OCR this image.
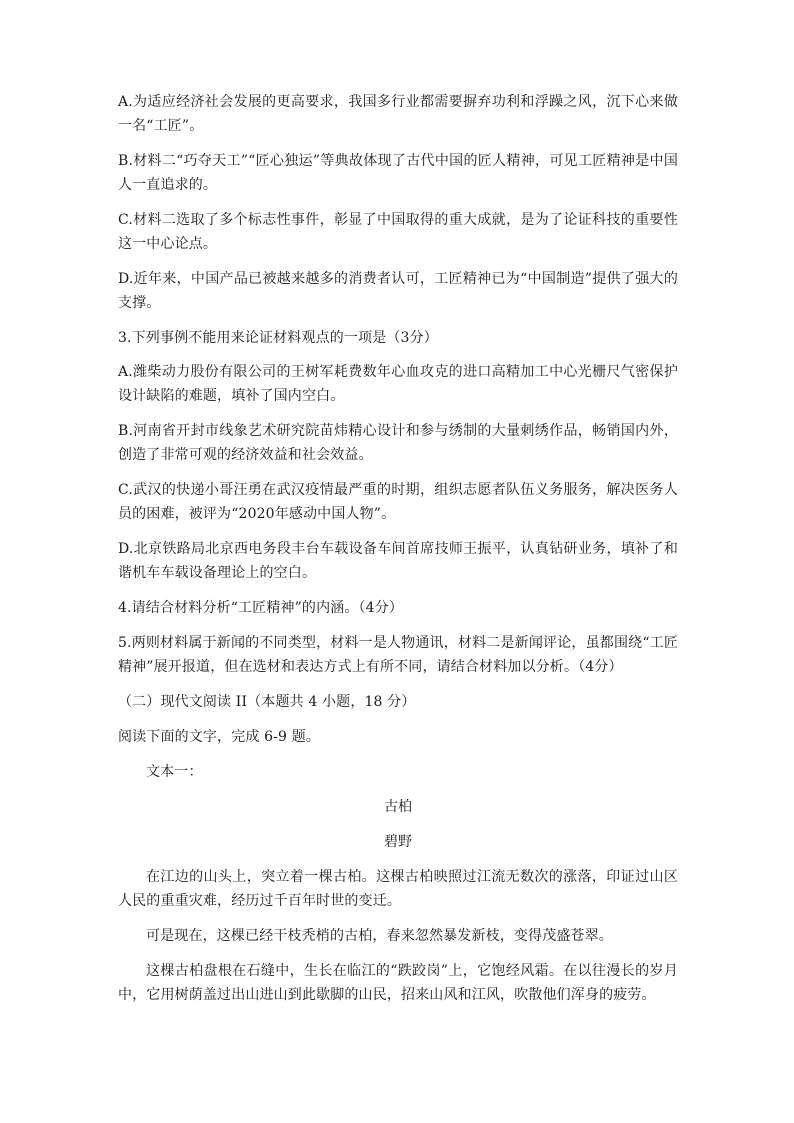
A.为适应经济社会发展的更高要求，我国多行业都需要摒弃功利和浮躁之风，沉下心来做一名“工匠”。

B.材料二“巧夺天工”“匠心独运”等典故体现了古代中国的匠人精神，可见工匠精神是中国人一直追求的。

C.材料二选取了多个标志性事件，彰显了中国取得的重大成就，是为了论证科技的重要性这一中心论点。

D.近年来，中国产品已被越来越多的消费者认可，工匠精神已为“中国制造”提供了强大的支撑。

3.下列事例不能用来论证材料观点的一项是（3分）

A.潍柴动力股份有限公司的王树军耗费数年心血攻克的进口高精加工中心光栅尺气密保护设计缺陷的难题，填补了国内空白。

B.河南省开封市线象艺术研究院苗炜精心设计和参与绣制的大量刺绣作品，畅销国内外，创造了非常可观的经济效益和社会效益。

C.武汉的快递小哥汪勇在武汉疫情最严重的时期，组织志愿者队伍义务服务，解决医务人员的困难，被评为“2020年感动中国人物”。

D.北京铁路局北京西电务段丰台车载设备车间首席技师王振平，认真钻研业务，填补了和谐机车车载设备理论上的空白。

4.请结合材料分析“工匠精神”的内涵。（4分）

5.两则材料属于新闻的不同类型，材料一是人物通讯，材料二是新闻评论，虽都围绕“工匠精神”展开报道，但在选材和表达方式上有所不同，请结合材料加以分析。（4分）

（二）现代文阅读 II（本题共 4 小题，18 分）

阅读下面的文字，完成 6-9 题。

文本一：

古柏

碧野

在江边的山头上，突立着一棵古柏。这棵古柏映照过江流无数次的涨落，印证过山区人民的重重灾难，经历过千百年时世的变迁。

可是现在，这棵已经干枝秃梢的古柏，春来忽然暴发新枝，变得茂盛苍翠。

这棵古柏盘根在石缝中，生长在临江的“跌跤岗”上，它饱经风霜。在以往漫长的岁月中，它用树荫盖过出山进山到此歇脚的山民，招来山风和江风，吹散他们浑身的疲劳。
